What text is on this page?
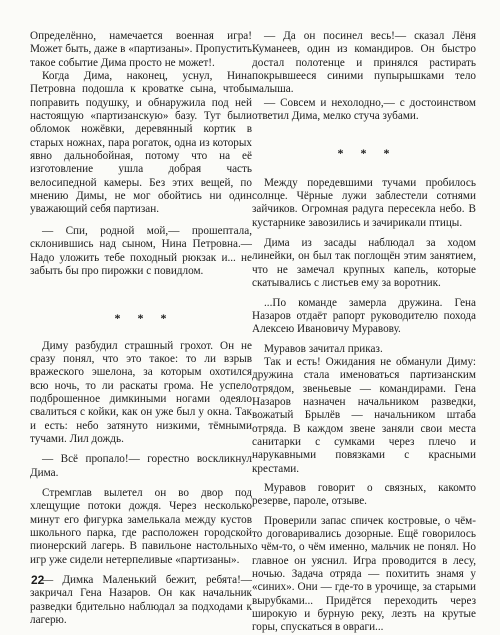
Определённо, намечается военная игра! Может быть, даже в «партизаны». Пропустить такое событие Дима просто не может!.

Когда Дима, наконец, уснул, Нина Петровна подошла к кроватке сына, чтобы поправить подушку, и обнаружила под ней настоящую «партизанскую» базу. Тут были обломок ножёвки, деревянный кортик в старых ножнах, пара рогаток, одна из которых явно дальнобойная, потому что на её изготовление ушла добрая часть велосипедной камеры. Без этих вещей, по мнению Димы, не мог обойтись ни один уважающий себя партизан.

— Спи, родной мой,— прошептала, склонившись над сыном, Нина Петровна.— Надо уложить тебе походный рюкзак и... не забыть бы про пирожки с повидлом.

* * *

Диму разбудил страшный грохот. Он не сразу понял, что это такое: то ли взрыв вражеского эшелона, за которым охотился всю ночь, то ли раскаты грома. Не успело подброшенное димкиными ногами одеяло свалиться с койки, как он уже был у окна. Так и есть: небо затянуто низкими, тёмными тучами. Лил дождь.

— Всё пропало!— горестно воскликнул Дима.

Стремглав вылетел он во двор под хлещущие потоки дождя. Через несколько минут его фигурка замелькала между кустов школьного парка, где расположен городской пионерский лагерь. В павильоне настольных игр уже сидели нетерпеливые «партизаны».

— Димка Маленький бежит, ребята!— закричал Гена Назаров. Он как начальник разведки бдительно наблюдал за подходами к лагерю.

— Да он посинел весь!— сказал Лёня Куманеев, один из командиров. Он быстро достал полотенце и принялся растирать покрывшееся синими пупырышками тело малыша.

— Совсем и нехолодно,— с достоинством ответил Дима, мелко стуча зубами.

* * *

Между поредевшими тучами пробилось солнце. Чёрные лужи заблестели сотнями зайчиков. Огромная радуга пересекла небо. В кустарнике завозились и зачирикали птицы.

Дима из засады наблюдал за ходом линейки, он был так поглощён этим занятием, что не замечал крупных капель, которые скатывались с листьев ему за воротник.

...По команде замерла дружина. Гена Назаров отдаёт рапорт руководителю похода Алексею Ивановичу Муравову.

Муравов зачитал приказ.

Так и есть! Ожидания не обманули Диму: дружина стала именоваться партизанским отрядом, звеньевые — командирами. Гена Назаров назначен начальником разведки, вожатый Брылёв — начальником штаба отряда. В каждом звене заняли свои места санитарки с сумками через плечо и нарукавными повязками с красными крестами.

Муравов говорит о связных, какомто резерве, пароле, отзыве.

Проверили запас спичек костровые, о чём-то договаривались дозорные. Ещё говорилось о чём-то, о чём именно, мальчик не понял. Но главное он уяснил. Игра проводится в лесу, ночью. Задача отряда — похитить знамя у «синих». Они — где-то в урочище, за старыми вырубками... Придётся переходить через широкую и бурную реку, лезть на крутые горы, спускаться в овраги...

22
